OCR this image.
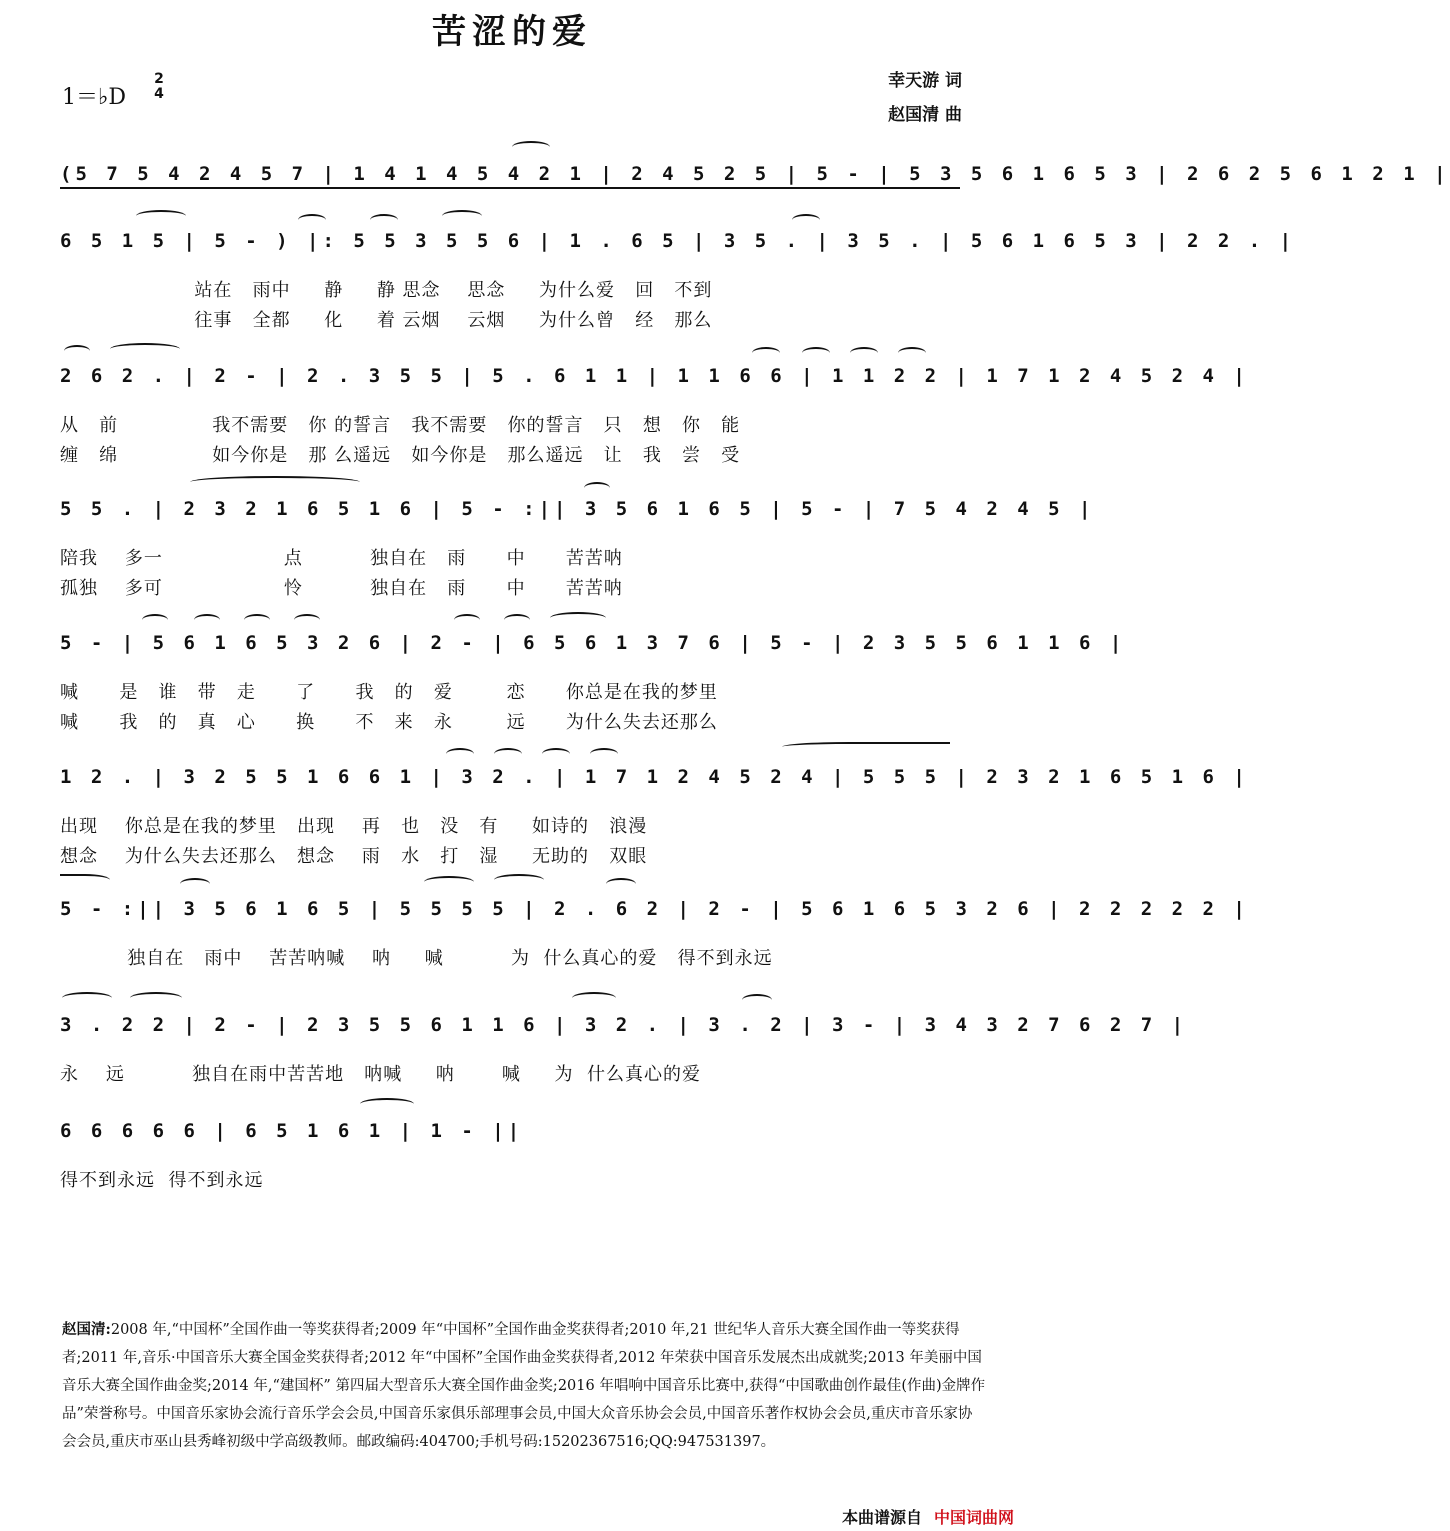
苦涩的爱
1＝♭D
2
4
幸天游 词
赵国清 曲
(5 7 5 4 2 4 5 7 | 1 4 1 4 5 4 2 1 | 2 4 5 2 5 | 5 - | 5 3 5 6 1 6 5 3 | 2 6 2 5 6 1 2 1 |
6 5 1 5 | 5 - ) |: 5 5 3 5 5 6 | 1 . 6 5 | 3 5 . | 3 5 . | 5 6 1 6 5 3 | 2 2 . |
站在   雨中     静     静 思念    思念     为什么爱   回   不到
往事   全都     化     着 云烟    云烟     为什么曾   经   那么
2 6 2 . | 2 - | 2 . 3 5 5 | 5 . 6 1 1 | 1 1 6 6 | 1 1 2 2 | 1 7 1 2 4 5 2 4 |
从   前              我不需要   你 的誓言   我不需要   你的誓言   只   想   你   能
缠   绵              如今你是   那 么遥远   如今你是   那么遥远   让   我   尝   受
5 5 . | 2 3 2 1 6 5 1 6 | 5 - :|| 3 5 6 1 6 5 | 5 - | 7 5 4 2 4 5 |
陪我    多一                  点          独自在   雨      中      苦苦呐
孤独    多可                  怜          独自在   雨      中      苦苦呐
5 - | 5 6 1 6 5 3 2 6 | 2 - | 6 5 6 1 3 7 6 | 5 - | 2 3 5 5 6 1 1 6 |
喊      是   谁   带   走      了      我   的   爱        恋      你总是在我的梦里
喊      我   的   真   心      换      不   来   永        远      为什么失去还那么
1 2 . | 3 2 5 5 1 6 6 1 | 3 2 . | 1 7 1 2 4 5 2 4 | 5 5 5 | 2 3 2 1 6 5 1 6 |
出现    你总是在我的梦里   出现    再   也   没   有     如诗的   浪漫
想念    为什么失去还那么   想念    雨   水   打   湿     无助的   双眼
5 - :|| 3 5 6 1 6 5 | 5 5 5 5 | 2 . 6 2 | 2 - | 5 6 1 6 5 3 2 6 | 2 2 2 2 2 |
独自在   雨中    苦苦呐喊    呐     喊          为  什么真心的爱   得不到永远
3 . 2 2 | 2 - | 2 3 5 5 6 1 1 6 | 3 2 . | 3 . 2 | 3 - | 3 4 3 2 7 6 2 7 |
永    远          独自在雨中苦苦地   呐喊     呐       喊     为  什么真心的爱
6 6 6 6 6 | 6 5 1 6 1 | 1 - ||
得不到永远  得不到永远
赵国清:2008 年,“中国杯”全国作曲一等奖获得者;2009 年“中国杯”全国作曲金奖获得者;2010 年,21 世纪华人音乐大赛全国作曲一等奖获得者;2011 年,音乐·中国音乐大赛全国金奖获得者;2012 年“中国杯”全国作曲金奖获得者,2012 年荣获中国音乐发展杰出成就奖;2013 年美丽中国音乐大赛全国作曲金奖;2014 年,“建国杯” 第四届大型音乐大赛全国作曲金奖;2016 年唱响中国音乐比赛中,获得“中国歌曲创作最佳(作曲)金牌作品”荣誉称号。中国音乐家协会流行音乐学会会员,中国音乐家俱乐部理事会员,中国大众音乐协会会员,中国音乐著作权协会会员,重庆市音乐家协会会员,重庆市巫山县秀峰初级中学高级教师。邮政编码:404700;手机号码:15202367516;QQ:947531397。
本曲谱源自 中国词曲网
